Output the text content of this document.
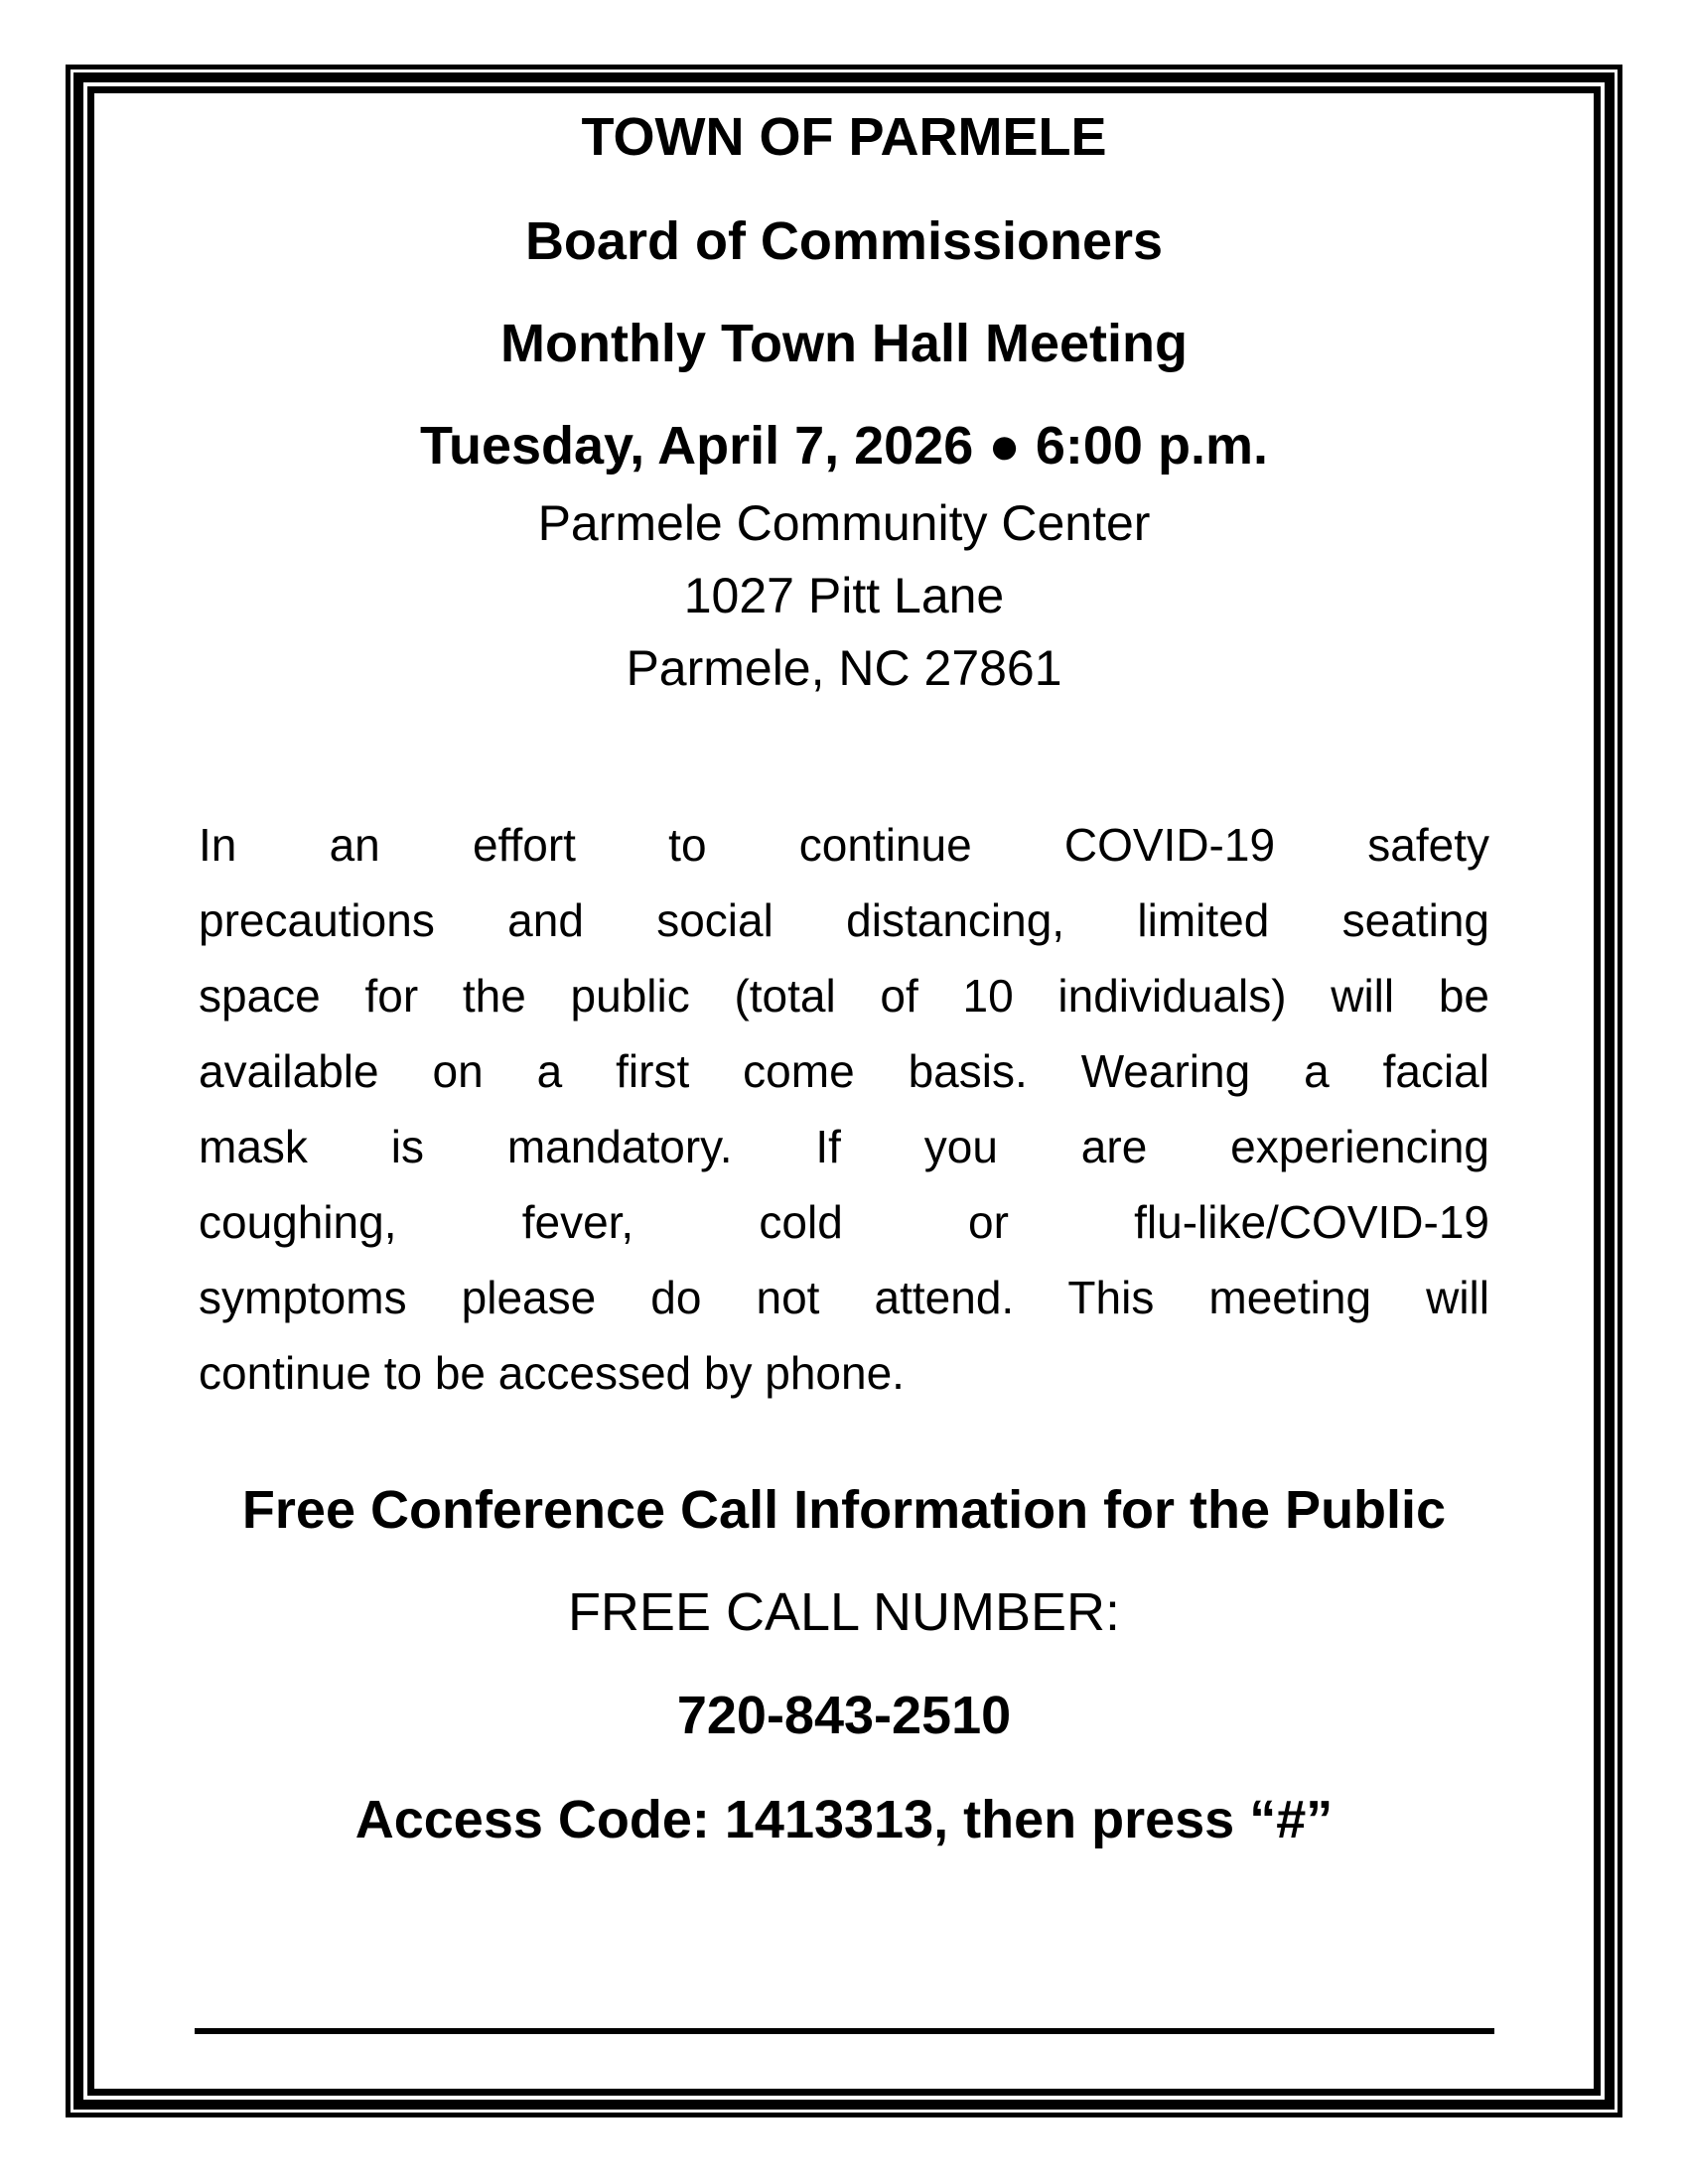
TOWN OF PARMELE
Board of Commissioners
Monthly Town Hall Meeting
Tuesday, April 7, 2026 ● 6:00 p.m.
Parmele Community Center
1027 Pitt Lane
Parmele, NC 27861
In an effort to continue COVID-19 safety
precautions and social distancing, limited seating
space for the public (total of 10 individuals) will be
available on a first come basis. Wearing a facial
mask is mandatory. If you are experiencing
coughing, fever, cold or flu-like/COVID-19
symptoms please do not attend. This meeting will
continue to be accessed by phone.
Free Conference Call Information for the Public
FREE CALL NUMBER:
720-843-2510
Access Code: 1413313, then press “#”
